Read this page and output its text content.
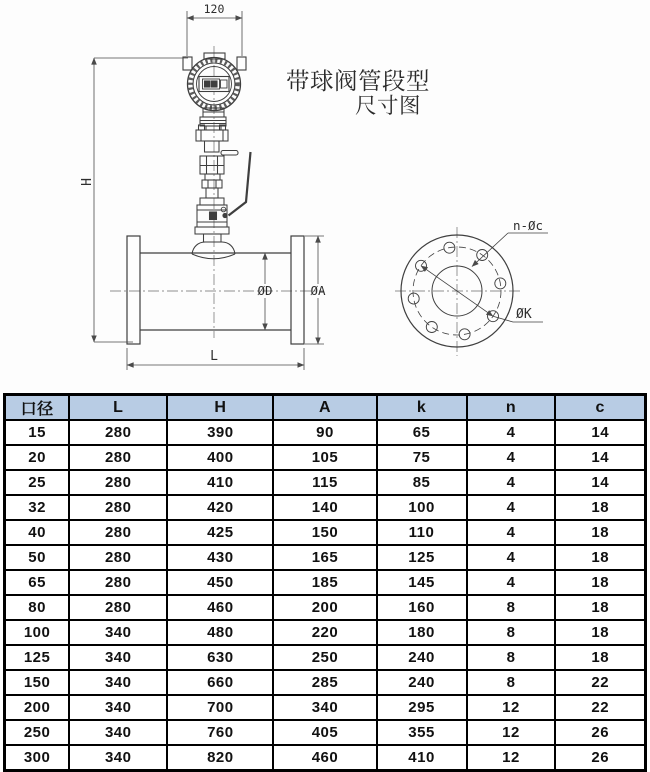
120
H
L
ØD	ØA
ØK
n-Øc
带球阀管段型
尺寸图
口径	L	H	A	k	n	c
15	280	390	90	65	4	14
20	280	400	105	75	4	14
25	280	410	115	85	4	14
32	280	420	140	100	4	18
40	280	425	150	110	4	18
50	280	430	165	125	4	18
65	280	450	185	145	4	18
80	280	460	200	160	8	18
100	340	480	220	180	8	18
125	340	630	250	240	8	18
150	340	660	285	240	8	22
200	340	700	340	295	12	22
250	340	760	405	355	12	26
300	340	820	460	410	12	26
